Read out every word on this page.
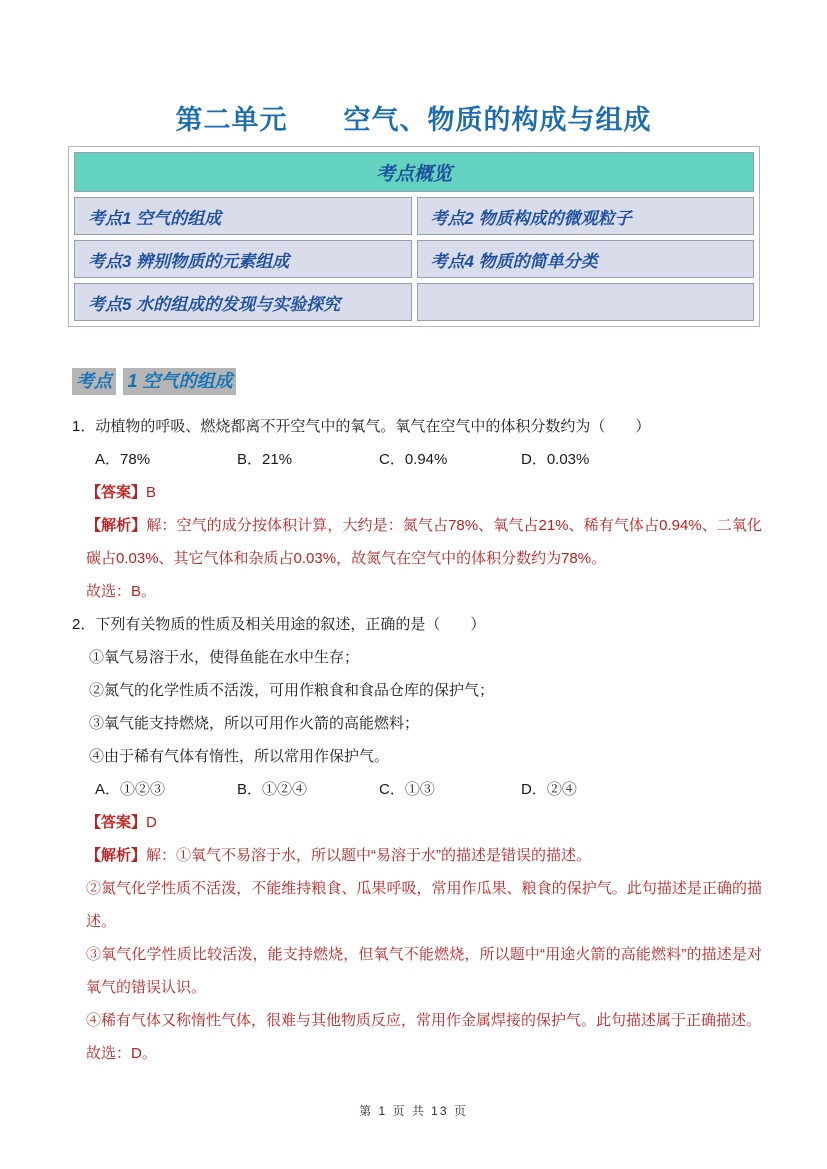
第二单元　　空气、物质的构成与组成
考点概览	
考点1 空气的组成	考点2 物质构成的微观粒子
考点3 辨别物质的元素组成	考点4 物质的简单分类
考点5 水的组成的发现与实验探究	
考点 1 空气的组成
1．动植物的呼吸、燃烧都离不开空气中的氧气。氧气在空气中的体积分数约为（　　）
A．78%	B．21%	C．0.94%	D．0.03%
【答案】B
【解析】解：空气的成分按体积计算，大约是：氮气占78%、氧气占21%、稀有气体占0.94%、二氧化碳占0.03%、其它气体和杂质占0.03%，故氮气在空气中的体积分数约为78%。
故选：B。
2．下列有关物质的性质及相关用途的叙述，正确的是（　　）
①氧气易溶于水，使得鱼能在水中生存；
②氮气的化学性质不活泼，可用作粮食和食品仓库的保护气；
③氧气能支持燃烧，所以可用作火箭的高能燃料；
④由于稀有气体有惰性，所以常用作保护气。
A．①②③	B．①②④	C．①③	D．②④
【答案】D
【解析】解：①氧气不易溶于水，所以题中“易溶于水”的描述是错误的描述。
②氮气化学性质不活泼，不能维持粮食、瓜果呼吸，常用作瓜果、粮食的保护气。此句描述是正确的描述。
③氧气化学性质比较活泼，能支持燃烧，但氧气不能燃烧，所以题中“用途火箭的高能燃料”的描述是对氧气的错误认识。
④稀有气体又称惰性气体，很难与其他物质反应，常用作金属焊接的保护气。此句描述属于正确描述。
故选：D。
第 1 页 共 13 页
